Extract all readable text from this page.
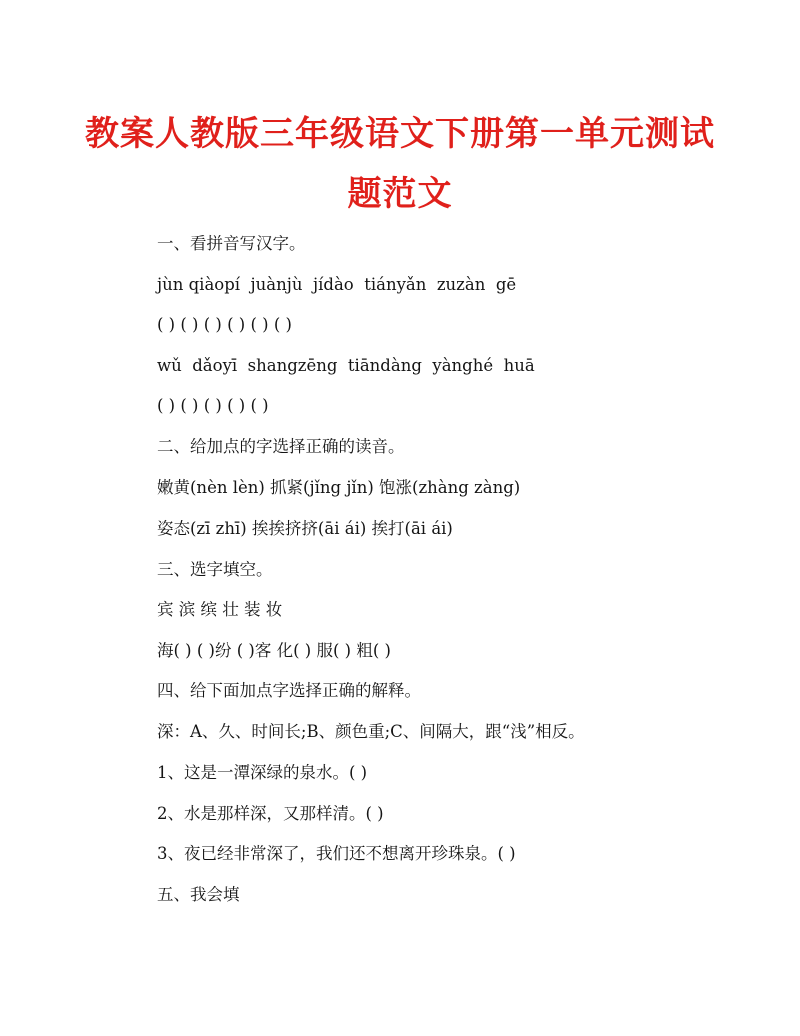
教案人教版三年级语文下册第一单元测试
题范文
一、看拼音写汉字。
jùn qiàopí  juànjù  jídào  tiányǎn  zuzàn  gē
( ) ( ) ( ) ( ) ( ) ( )
wǔ  dǎoyī  shangzēng  tiāndàng  yànghé  huā
( ) ( ) ( ) ( ) ( )
二、给加点的字选择正确的读音。
嫩黄(nèn lèn) 抓紧(jǐng jǐn) 饱涨(zhàng zàng)
姿态(zī zhī) 挨挨挤挤(āi ái) 挨打(āi ái)
三、选字填空。
宾 滨 缤 壮 装 妆
海( ) ( )纷 ( )客 化( ) 服( ) 粗( )
四、给下面加点字选择正确的解释。
深：A、久、时间长;B、颜色重;C、间隔大，跟“浅”相反。
1、这是一潭深绿的泉水。( )
2、水是那样深，又那样清。( )
3、夜已经非常深了，我们还不想离开珍珠泉。( )
五、我会填
